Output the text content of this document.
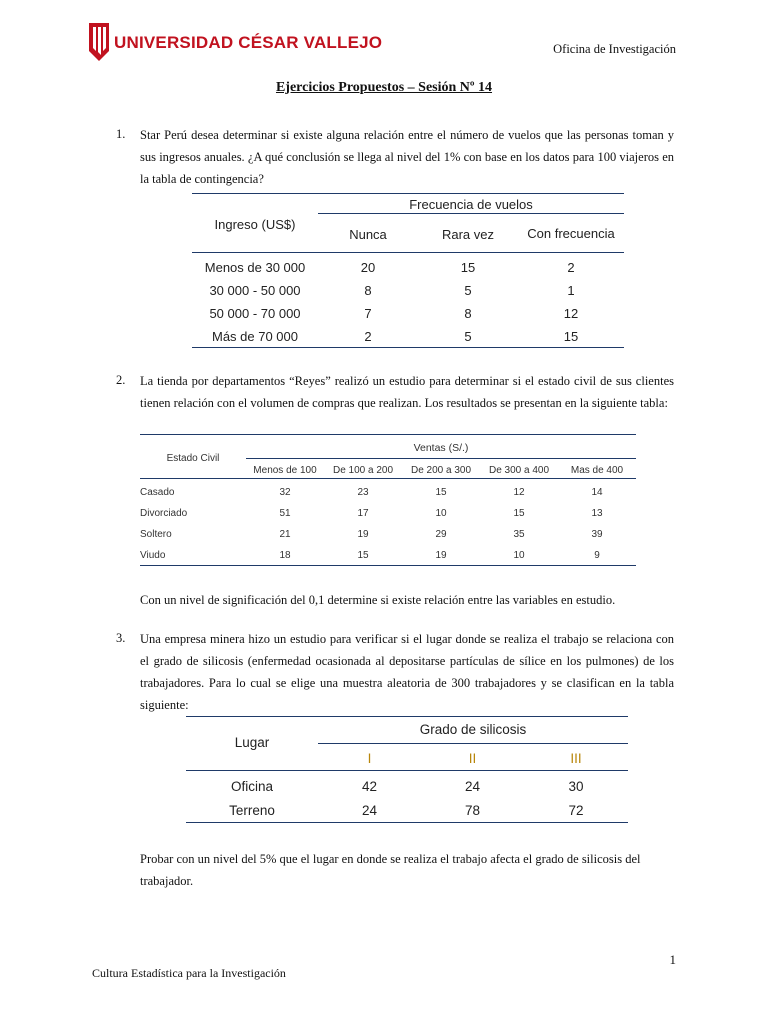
UNIVERSIDAD CÉSAR VALLEJO	Oficina de Investigación
Ejercicios Propuestos – Sesión Nº 14
1. Star Perú desea determinar si existe alguna relación entre el número de vuelos que las personas toman y sus ingresos anuales. ¿A qué conclusión se llega al nivel del 1% con base en los datos para 100 viajeros en la tabla de contingencia?
Ingreso (US$)
Frecuencia de vuelos
Nunca	Rara vez	Con frecuencia
Menos de 30 000	20	15	2
30 000 - 50 000	8	5	1
50 000 - 70 000	7	8	12
Más de 70 000	2	5	15
2. La tienda por departamentos “Reyes” realizó un estudio para determinar si el estado civil de sus clientes tienen relación con el volumen de compras que realizan. Los resultados se presentan en la siguiente tabla:
Estado Civil
Ventas (S/.)
Menos de 100	De 100 a 200	De 200 a 300	De 300 a 400	Mas de 400
Casado	32	23	15	12	14
Divorciado	51	17	10	15	13
Soltero	21	19	29	35	39
Viudo	18	15	19	10	9
Con un nivel de significación del 0,1 determine si existe relación entre las variables en estudio.
3. Una empresa minera hizo un estudio para verificar si el lugar donde se realiza el trabajo se relaciona con el grado de silicosis (enfermedad ocasionada al depositarse partículas de sílice en los pulmones) de los trabajadores. Para lo cual se elige una muestra aleatoria de 300 trabajadores y se clasifican en la tabla siguiente:
Lugar
Grado de silicosis
I	II	III
Oficina	42	24	30
Terreno	24	78	72
Probar con un nivel del 5% que el lugar en donde se realiza el trabajo afecta el grado de silicosis del trabajador.
1
Cultura Estadística para la Investigación
